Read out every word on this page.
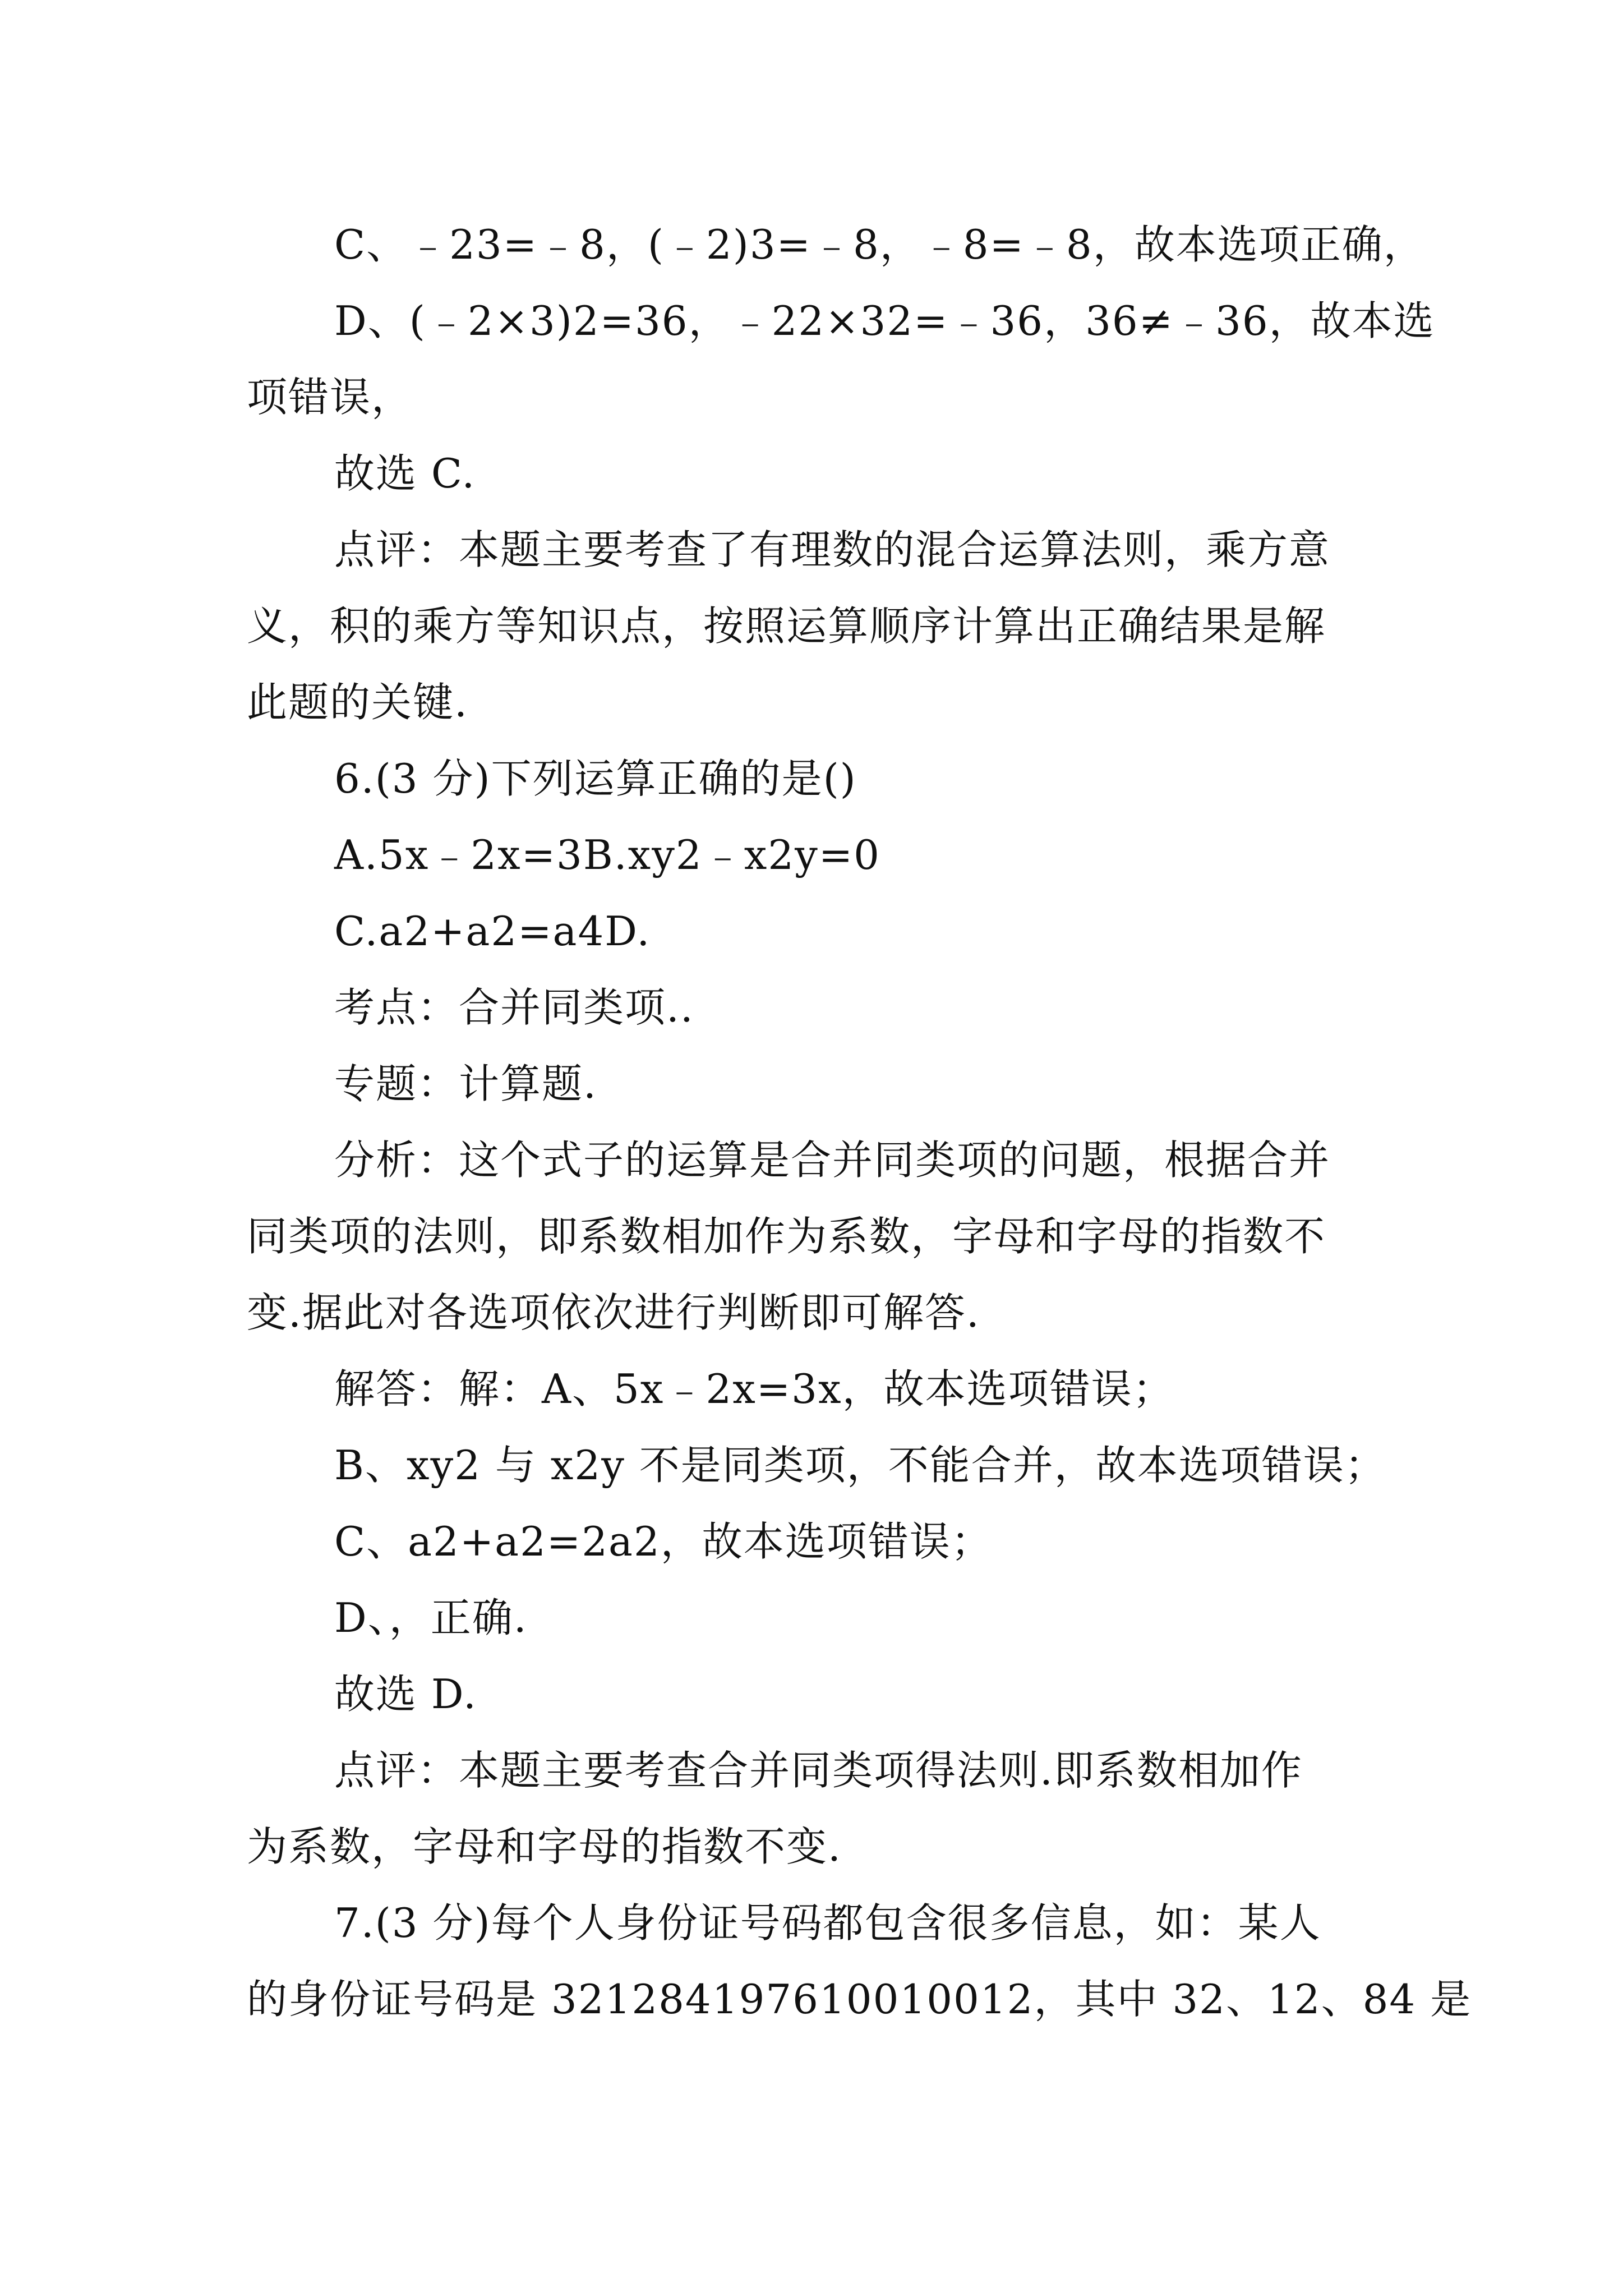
C、﹣23=﹣8，(﹣2)3=﹣8，﹣8=﹣8，故本选项正确，
D、(﹣2×3)2=36，﹣22×32=﹣36，36≠﹣36，故本选
项错误，
故选 C.
点评：本题主要考查了有理数的混合运算法则，乘方意
义，积的乘方等知识点，按照运算顺序计算出正确结果是解
此题的关键.
6.(3 分)下列运算正确的是()
A.5x﹣2x=3B.xy2﹣x2y=0
C.a2+a2=a4D.
考点：合并同类项..
专题：计算题.
分析：这个式子的运算是合并同类项的问题，根据合并
同类项的法则，即系数相加作为系数，字母和字母的指数不
变.据此对各选项依次进行判断即可解答.
解答：解：A、5x﹣2x=3x，故本选项错误；
B、xy2 与 x2y 不是同类项，不能合并，故本选项错误；
C、a2+a2=2a2，故本选项错误；
D、，正确.
故选 D.
点评：本题主要考查合并同类项得法则.即系数相加作
为系数，字母和字母的指数不变.
7.(3 分)每个人身份证号码都包含很多信息，如：某人
的身份证号码是 321284197610010012，其中 32、12、84 是
